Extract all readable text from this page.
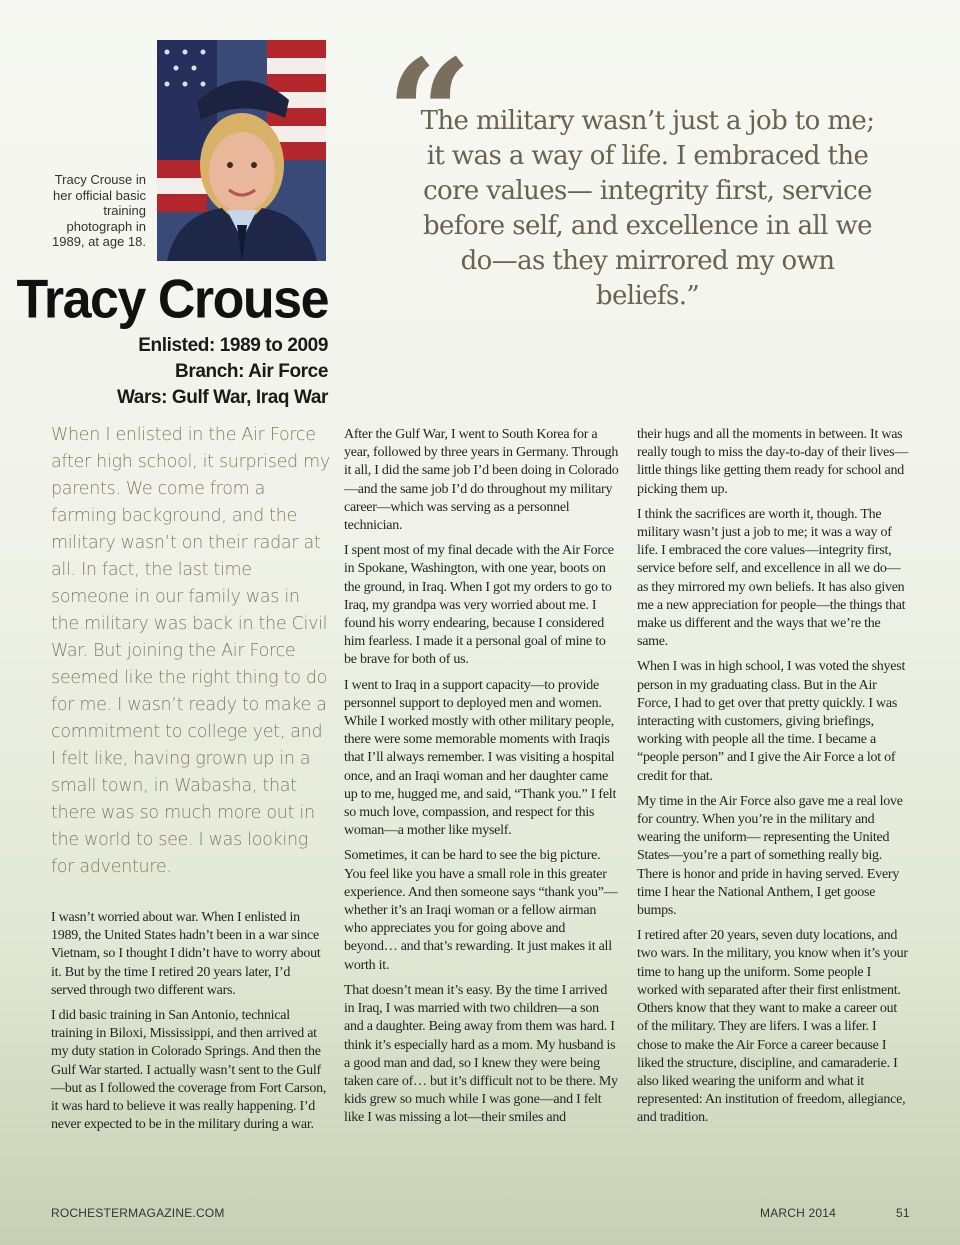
Tracy Crouse in her official basic training photograph in 1989, at age 18.
Tracy Crouse
Enlisted: 1989 to 2009
Branch: Air Force
Wars: Gulf War, Iraq War
“
The military wasn’t just a job to me; it was a way of life. I embraced the core values— integrity first, service before self, and excellence in all we do—as they mirrored my own beliefs.”
When I enlisted in the Air Force after high school, it surprised my parents. We come from a farming background, and the military wasn’t on their radar at all. In fact, the last time someone in our family was in the military was back in the Civil War. But joining the Air Force seemed like the right thing to do for me. I wasn’t ready to make a commitment to college yet, and I felt like, having grown up in a small town, in Wabasha, that there was so much more out in the world to see. I was looking for adventure.

I wasn’t worried about war. When I enlisted in 1989, the United States hadn’t been in a war since Vietnam, so I thought I didn’t have to worry about it. But by the time I retired 20 years later, I’d served through two different wars.

I did basic training in San Antonio, technical training in Biloxi, Mississippi, and then arrived at my duty station in Colorado Springs. And then the Gulf War started. I actually wasn’t sent to the Gulf—but as I followed the coverage from Fort Carson, it was hard to believe it was really happening. I’d never expected to be in the military during a war.

After the Gulf War, I went to South Korea for a year, followed by three years in Germany. Through it all, I did the same job I’d been doing in Colorado—and the same job I’d do throughout my military career—which was serving as a personnel technician.

I spent most of my final decade with the Air Force in Spokane, Washington, with one year, boots on the ground, in Iraq. When I got my orders to go to Iraq, my grandpa was very worried about me. I found his worry endearing, because I considered him fearless. I made it a personal goal of mine to be brave for both of us.

I went to Iraq in a support capacity—to provide personnel support to deployed men and women. While I worked mostly with other military people, there were some memorable moments with Iraqis that I’ll always remember. I was visiting a hospital once, and an Iraqi woman and her daughter came up to me, hugged me, and said, “Thank you.” I felt so much love, compassion, and respect for this woman—a mother like myself.

Sometimes, it can be hard to see the big picture. You feel like you have a small role in this greater experience. And then someone says “thank you”—whether it’s an Iraqi woman or a fellow airman who appreciates you for going above and beyond… and that’s rewarding. It just makes it all worth it.

That doesn’t mean it’s easy. By the time I arrived in Iraq, I was married with two children—a son and a daughter. Being away from them was hard. I think it’s especially hard as a mom. My husband is a good man and dad, so I knew they were being taken care of… but it’s difficult not to be there. My kids grew so much while I was gone—and I felt like I was missing a lot—their smiles and

their hugs and all the moments in between. It was really tough to miss the day-to-day of their lives—little things like getting them ready for school and picking them up.

I think the sacrifices are worth it, though. The military wasn’t just a job to me; it was a way of life. I embraced the core values—integrity first, service before self, and excellence in all we do—as they mirrored my own beliefs. It has also given me a new appreciation for people—the things that make us different and the ways that we’re the same.

When I was in high school, I was voted the shyest person in my graduating class. But in the Air Force, I had to get over that pretty quickly. I was interacting with customers, giving briefings, working with people all the time. I became a “people person” and I give the Air Force a lot of credit for that.

My time in the Air Force also gave me a real love for country. When you’re in the military and wearing the uniform— representing the United States—you’re a part of something really big. There is honor and pride in having served. Every time I hear the National Anthem, I get goose bumps.

I retired after 20 years, seven duty locations, and two wars. In the military, you know when it’s your time to hang up the uniform. Some people I worked with separated after their first enlistment. Others know that they want to make a career out of the military. They are lifers. I was a lifer. I chose to make the Air Force a career because I liked the structure, discipline, and camaraderie. I also liked wearing the uniform and what it represented: An institution of freedom, allegiance, and tradition.

ROCHESTERMAGAZINE.COM	MARCH 2014	51
